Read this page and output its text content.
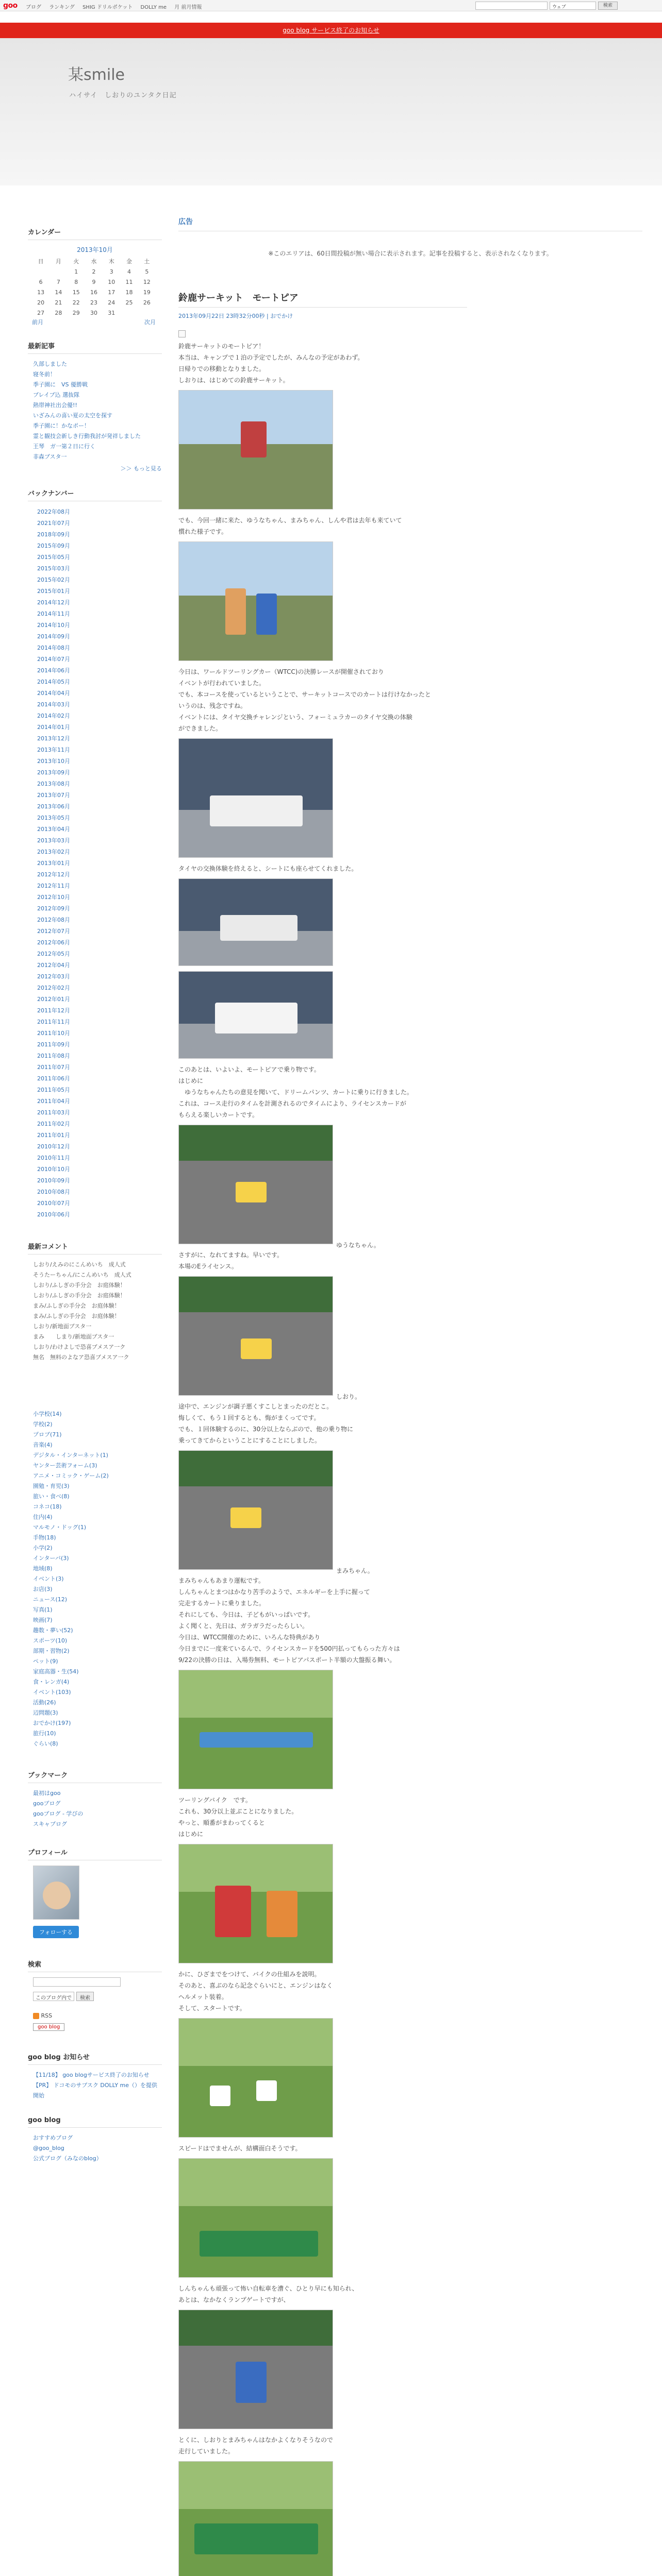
goo ブログ ランキング SHIG ドリルポケット DOLLY me 月 前月情報	ウェブ	検索
goo blog サービス終了のお知らせ
某smile
ハイサイ　しおりのユンタク日記
カレンダー
2013年10月
日	月	火	水	木	金	土
		1	2	3	4	5
6	7	8	9	10	11	12
13	14	15	16	17	18	19
20	21	22	23	24	25	26
27	28	29	30	31		
前月	次月
最新記事
久部しました
寝冬前！
季子園に　VS 優勝戦
ブレイブ込 選抜隊
熱帯神社出会優!!
いざみんの喜い夏の太空を探す
季子園に！かなポー！
霊と観技会新しき行動我討が発祥しました
王琴　ガ一第２日に行く
非森ブスタ一
＞＞ もっと見る
バックナンバー
2022年08月
2021年07月
2018年09月
2015年09月
2015年05月
2015年03月
2015年02月
2015年01月
2014年12月
2014年11月
2014年10月
2014年09月
2014年08月
2014年07月
2014年06月
2014年05月
2014年04月
2014年03月
2014年02月
2014年01月
2013年12月
2013年11月
2013年10月
2013年09月
2013年08月
2013年07月
2013年06月
2013年05月
2013年04月
2013年03月
2013年02月
2013年01月
2012年12月
2012年11月
2012年10月
2012年09月
2012年08月
2012年07月
2012年06月
2012年05月
2012年04月
2012年03月
2012年02月
2012年01月
2011年12月
2011年11月
2011年10月
2011年09月
2011年08月
2011年07月
2011年06月
2011年05月
2011年04月
2011年03月
2011年02月
2011年01月
2010年12月
2010年11月
2010年10月
2010年09月
2010年08月
2010年07月
2010年06月
最新コメント
しおり/えみのにこんめいち　成人式
そうたーちゃん/にこんめいち　成人式
しおり/ふしぎの手分会　お庭体験！
しおり/ふしぎの手分会　お庭体験！
まみ/ふしぎの手分会　お庭体験！
まみ/ふしぎの手分会　お庭体験！
しおり/新地面ブスタ一
まみ　　しまり/新地面ブスタ一
しおり/わけよしで恐喜ブメスア一ク
無名　無料のよなア恐喜ブメスア一ク
小学校(14)
学校(2)
プロブ(71)
音楽(4)
デジタル・インターネット(1)
ヤンター芸術フォーム(3)
アニメ・コミック・ゲーム(2)
園勉・育児(3)
旅い・食べ(8)
コネコ(18)
住内(4)
マルモノ・ドッグ(1)
手物(18)
小学(2)
インターバ(3)
地域(8)
イベント(3)
お店(3)
ニュース(12)
写真(1)
映画(7)
趣数・夢い(52)
スポーツ(10)
部期・習物(2)
ペット(9)
家庭高器・生(54)
食・レンガ(4)
イベント(103)
活動(26)
辺問題(3)
おでかけ(197)
旅行(10)
ぐらい(8)
ブックマーク
最初はgoo
gooブログ
gooブログ - 学びの
スキャブログ
プロフィール
フォローする
検索
このブログ内で	検索
RSS
goo blog
goo blog お知らせ
【11/18】 goo blogサービス終了のお知らせ
【PR】 ドコモのサブスク DOLLY me（）を提供開始
goo blog
おすすめブログ
@goo_blog
公式ブログ（みなのblog）
広告
※このエリアは、60日間投稿が無い場合に表示されます。記事を投稿すると、表示されなくなります。
鈴鹿サーキット　モートピア
2013年09月22日 23時32分00秒 | おでかけ

鈴鹿サーキットのモートピア！
本当は、キャンプで１泊の予定でしたが、みんなの予定があわず。
日帰りでの移動となりました。
しおりは、はじめての鈴鹿サーキット。

でも、今回一緒に来た、ゆうなちゃん、まみちゃん、しんや君は去年も来ていて
慣れた様子です。

今日は、ワールドツーリングカー（WTCC)の決勝レースが開催されており
イベントが行われていました。
でも、本コースを使っているということで、サーキットコースでのカートは行けなかったと
いうのは、残念ですね。
イベントには、タイヤ交換チャレンジという、フォーミュラカーのタイヤ交換の体験
ができました。

タイヤの交換体験を終えると、シートにも座らせてくれました。

このあとは、いよいよ、モートピアで乗り物です。
はじめに
　ゆうなちゃんたちの意見を聞いて、ドリームパンツ、カートに乗りに行きました。
これは、コース走行のタイムを計測されるのでタイムにより、ライセンスカードが
もらえる楽しいカートです。

ゆうなちゃん。

さすがに、なれてますね。早いです。
本場のEライセンス。

しおり。

途中で、エンジンが調子悪くすこしとまったのだとこ。
悔しくて、もう１回するとも、悔がまくってです。
でも、１回体験するのに、30分以上ならぶので、他の乗り物に
乗ってきてからということにすることにしました。

まみちゃん。

まみちゃんもあまり運転です。
しんちゃんとまつはかなり苦手のようで、エネルギーを上手に握って
完走するカートに乗りました。
それにしても、今日は、子どもがいっぱいです。
よく聞くと、先日は、ガラガラだったらしい。
今日は、WTCC開催のために、いろんな特典があり
今日までに一度来ているんで、ライセンスカードを500円払ってもらった方々は
9/22の決勝の日は、入場券無料、モートピアパスポート半額の大盤振る舞い。

ツーリングバイク　です。
これも、30分以上並ぶことになりました。
やっと、順番がまわってくると
はじめに

かに、ひざまでをつけて、バイクの仕組みを説明。
そのあと、喜ぶのなら記念ぐらいにと、エンジンはなく
ヘルメット装着。
そして、スタートです。

スピードはでませんが、結構面白そうです。

しんちゃんも頑張って怖い自転車を漕ぐ、ひとり早にも知られ、
あとは、なかなくランプゲートですが、

とくに、しおりとまみちゃんはなかよくなりそうなので
走行していました。
